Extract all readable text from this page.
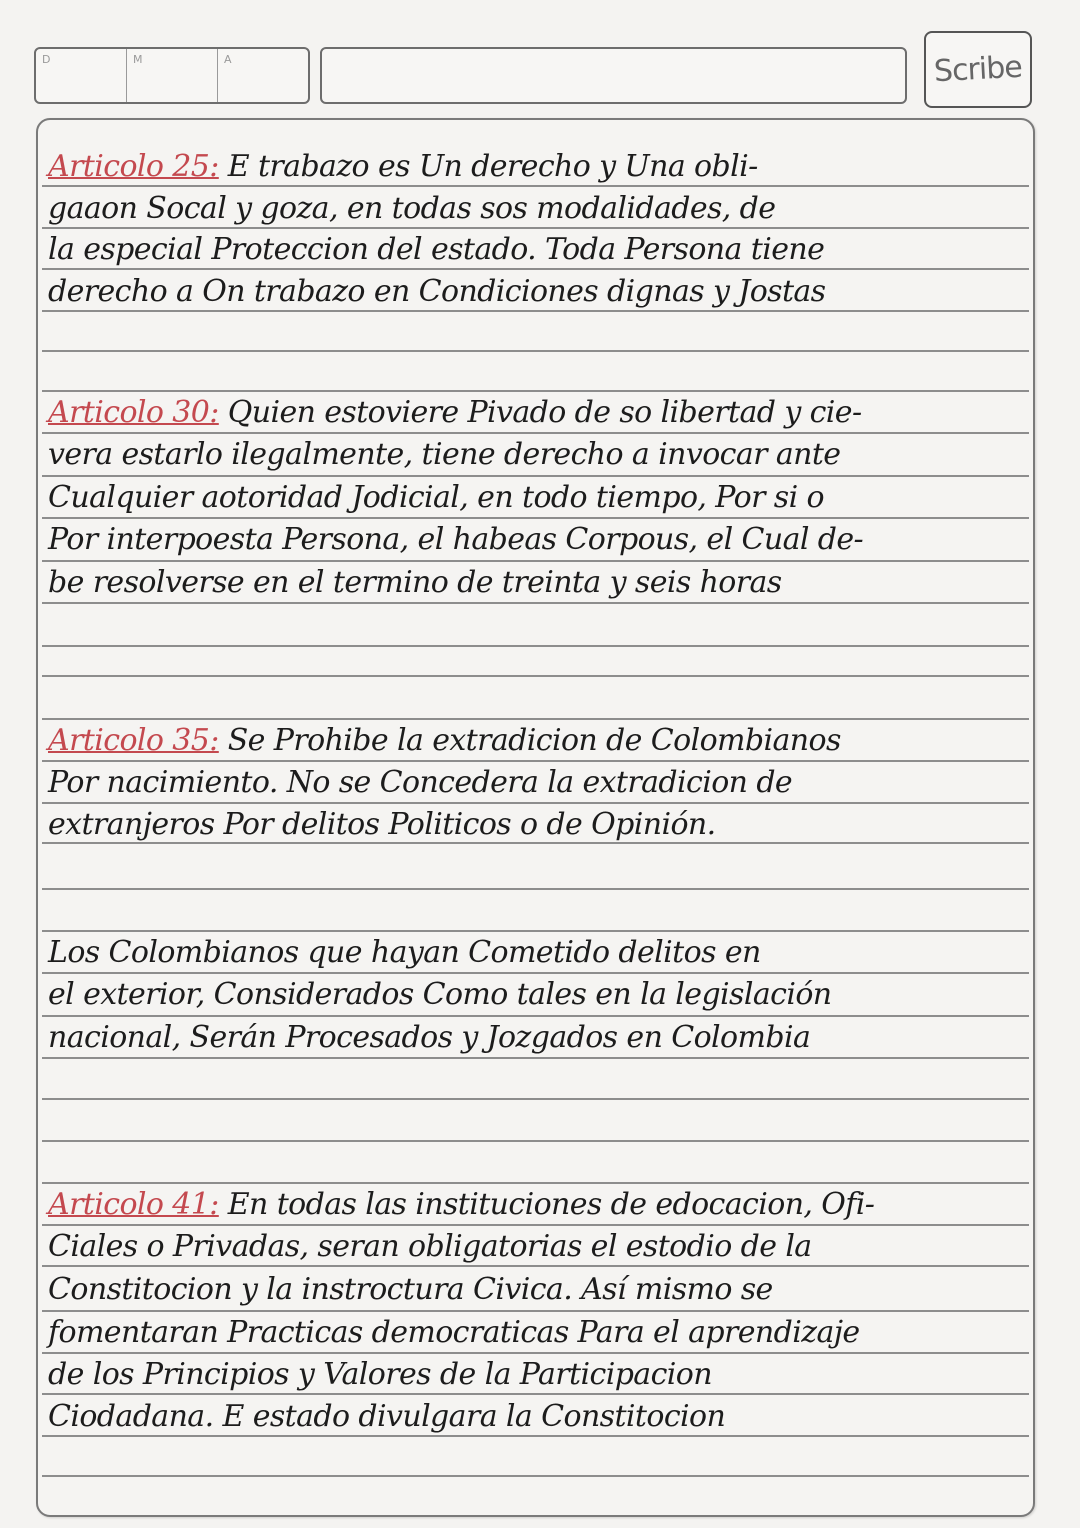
D	M	A	Scribe
Articolo 25: E trabazo es Un derecho y Una obli-
gaaon Socal y goza, en todas sos modalidades, de
la especial Proteccion del estado. Toda Persona tiene
derecho a On trabazo en Condiciones dignas y Jostas
Articolo 30: Quien estoviere Pivado de so libertad y cie-
vera estarlo ilegalmente, tiene derecho a invocar ante
Cualquier aotoridad Jodicial, en todo tiempo, Por si o
Por interpoesta Persona, el habeas Corpous, el Cual de-
be resolverse en el termino de treinta y seis horas
Articolo 35: Se Prohibe la extradicion de Colombianos
Por nacimiento. No se Concedera la extradicion de
extranjeros Por delitos Politicos o de Opinión.
Los Colombianos que hayan Cometido delitos en
el exterior, Considerados Como tales en la legislación
nacional, Serán Procesados y Jozgados en Colombia
Articolo 41: En todas las instituciones de edocacion, Ofi-
Ciales o Privadas, seran obligatorias el estodio de la
Constitocion y la instroctura Civica. Así mismo se
fomentaran Practicas democraticas Para el aprendizaje
de los Principios y Valores de la Participacion
Ciodadana. E estado divulgara la Constitocion
